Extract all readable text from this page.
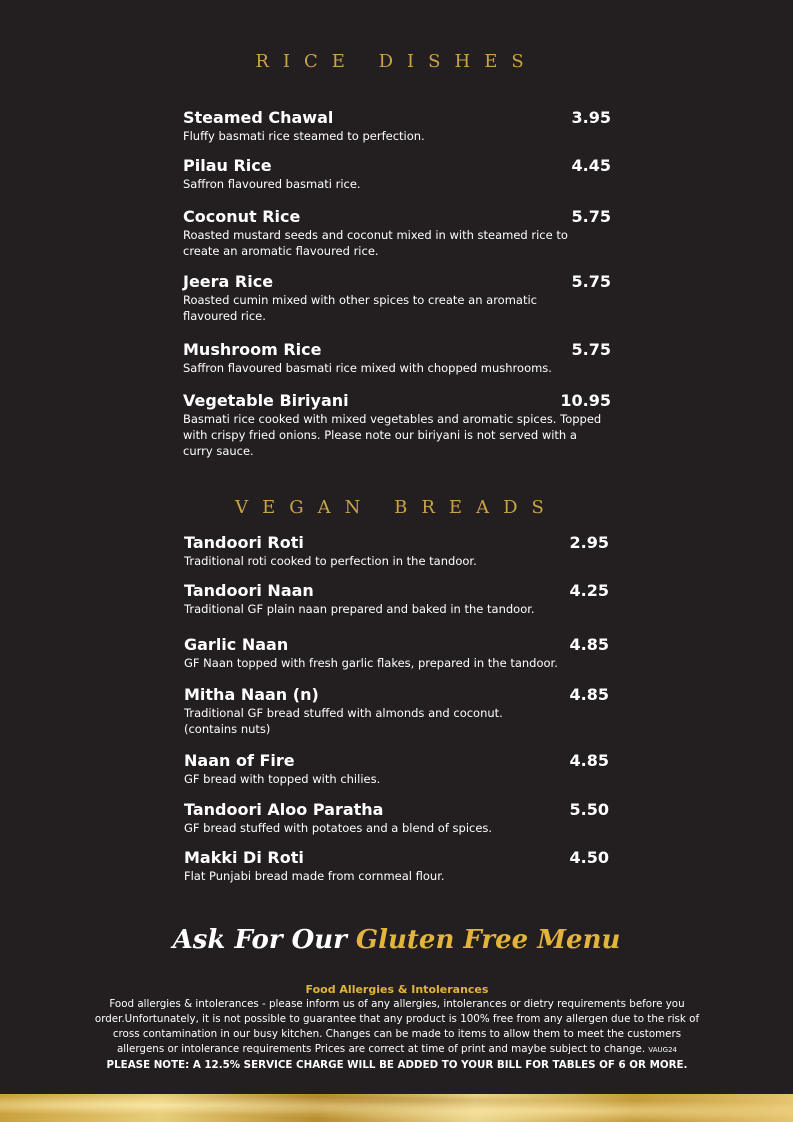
RICE DISHES
Steamed Chawal	3.95
Fluffy basmati rice steamed to perfection.
Pilau Rice	4.45
Saffron flavoured basmati rice.
Coconut Rice	5.75
Roasted mustard seeds and coconut mixed in with steamed rice to create an aromatic flavoured rice.
Jeera Rice	5.75
Roasted cumin mixed with other spices to create an aromatic flavoured rice.
Mushroom Rice	5.75
Saffron flavoured basmati rice mixed with chopped mushrooms.
Vegetable Biriyani	10.95
Basmati rice cooked with mixed vegetables and aromatic spices. Topped with crispy fried onions. Please note our biriyani is not served with a curry sauce.
VEGAN BREADS
Tandoori Roti	2.95
Traditional roti cooked to perfection in the tandoor.
Tandoori Naan	4.25
Traditional GF plain naan prepared and baked in the tandoor.
Garlic Naan	4.85
GF Naan topped with fresh garlic flakes, prepared in the tandoor.
Mitha Naan (n)	4.85
Traditional GF bread stuffed with almonds and coconut.
(contains nuts)
Naan of Fire	4.85
GF bread with topped with chilies.
Tandoori Aloo Paratha	5.50
GF bread stuffed with potatoes and a blend of spices.
Makki Di Roti	4.50
Flat Punjabi bread made from cornmeal flour.
Ask For Our Gluten Free Menu
Food Allergies & Intolerances
Food allergies & intolerances - please inform us of any allergies, intolerances or dietry requirements before you order.Unfortunately, it is not possible to guarantee that any product is 100% free from any allergen due to the risk of cross contamination in our busy kitchen. Changes can be made to items to allow them to meet the customers allergens or intolerance requirements Prices are correct at time of print and maybe subject to change. VAUG24
PLEASE NOTE: A 12.5% SERVICE CHARGE WILL BE ADDED TO YOUR BILL FOR TABLES OF 6 OR MORE.
